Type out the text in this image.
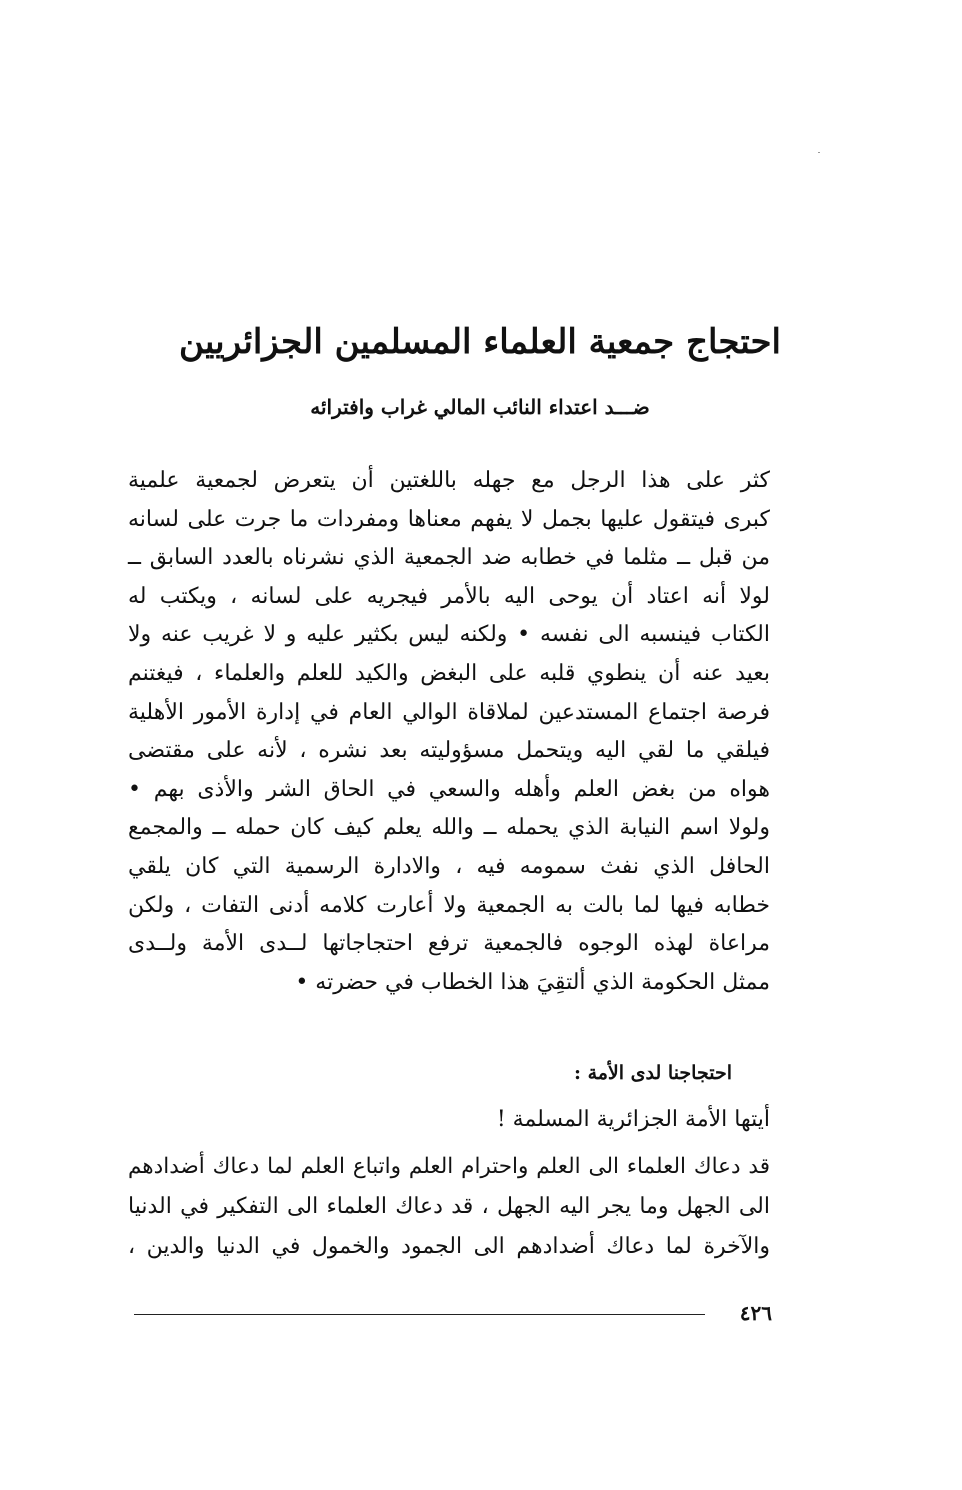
احتجاج جمعية العلماء المسلمين الجزائريين
ضـــد اعتداء النائب المالي غراب وافترائه
كثر على هذا الرجل مع جهله باللغتين أن يتعرض لجمعية علمية
كبرى فيتقول عليها بجمل لا يفهم معناها ومفردات ما جرت على لسانه
من قبل ــ مثلما في خطابه ضد الجمعية الذي نشرناه بالعدد السابق ــ
لولا أنه اعتاد أن يوحى اليه بالأمر فيجريه على لسانه ، ويكتب له
الكتاب فينسبه الى نفسه • ولكنه ليس بكثير عليه و لا غريب عنه ولا
بعيد عنه أن ينطوي قلبه على البغض والكيد للعلم والعلماء ، فيغتنم
فرصة اجتماع المستدعين لملاقاة الوالي العام في إدارة الأمور الأهلية
فيلقي ما لقي اليه ويتحمل مسؤوليته بعد نشره ، لأنه على مقتضى
هواه من بغض العلم وأهله والسعي في الحاق الشر والأذى بهم •
ولولا اسم النيابة الذي يحمله ــ والله يعلم كيف كان حمله ــ والمجمع
الحافل الذي نفث سمومه فيه ، والادارة الرسمية التي كان يلقي
خطابه فيها لما بالت به الجمعية ولا أعارت كلامه أدنى التفات ، ولكن
مراعاة لهذه الوجوه فالجمعية ترفع احتجاجاتها لــدى الأمة ولــدى
ممثل الحكومة الذي ألتقِيَ هذا الخطاب في حضرته •
احتجاجنا لدى الأمة :
أيتها الأمة الجزائرية المسلمة !
قد دعاك العلماء الى العلم واحترام العلم واتباع العلم لما دعاك أضدادهم
الى الجهل وما يجر اليه الجهل ، قد دعاك العلماء الى التفكير في الدنيا
والآخرة لما دعاك أضدادهم الى الجمود والخمول في الدنيا والدين ،
٤٢٦
